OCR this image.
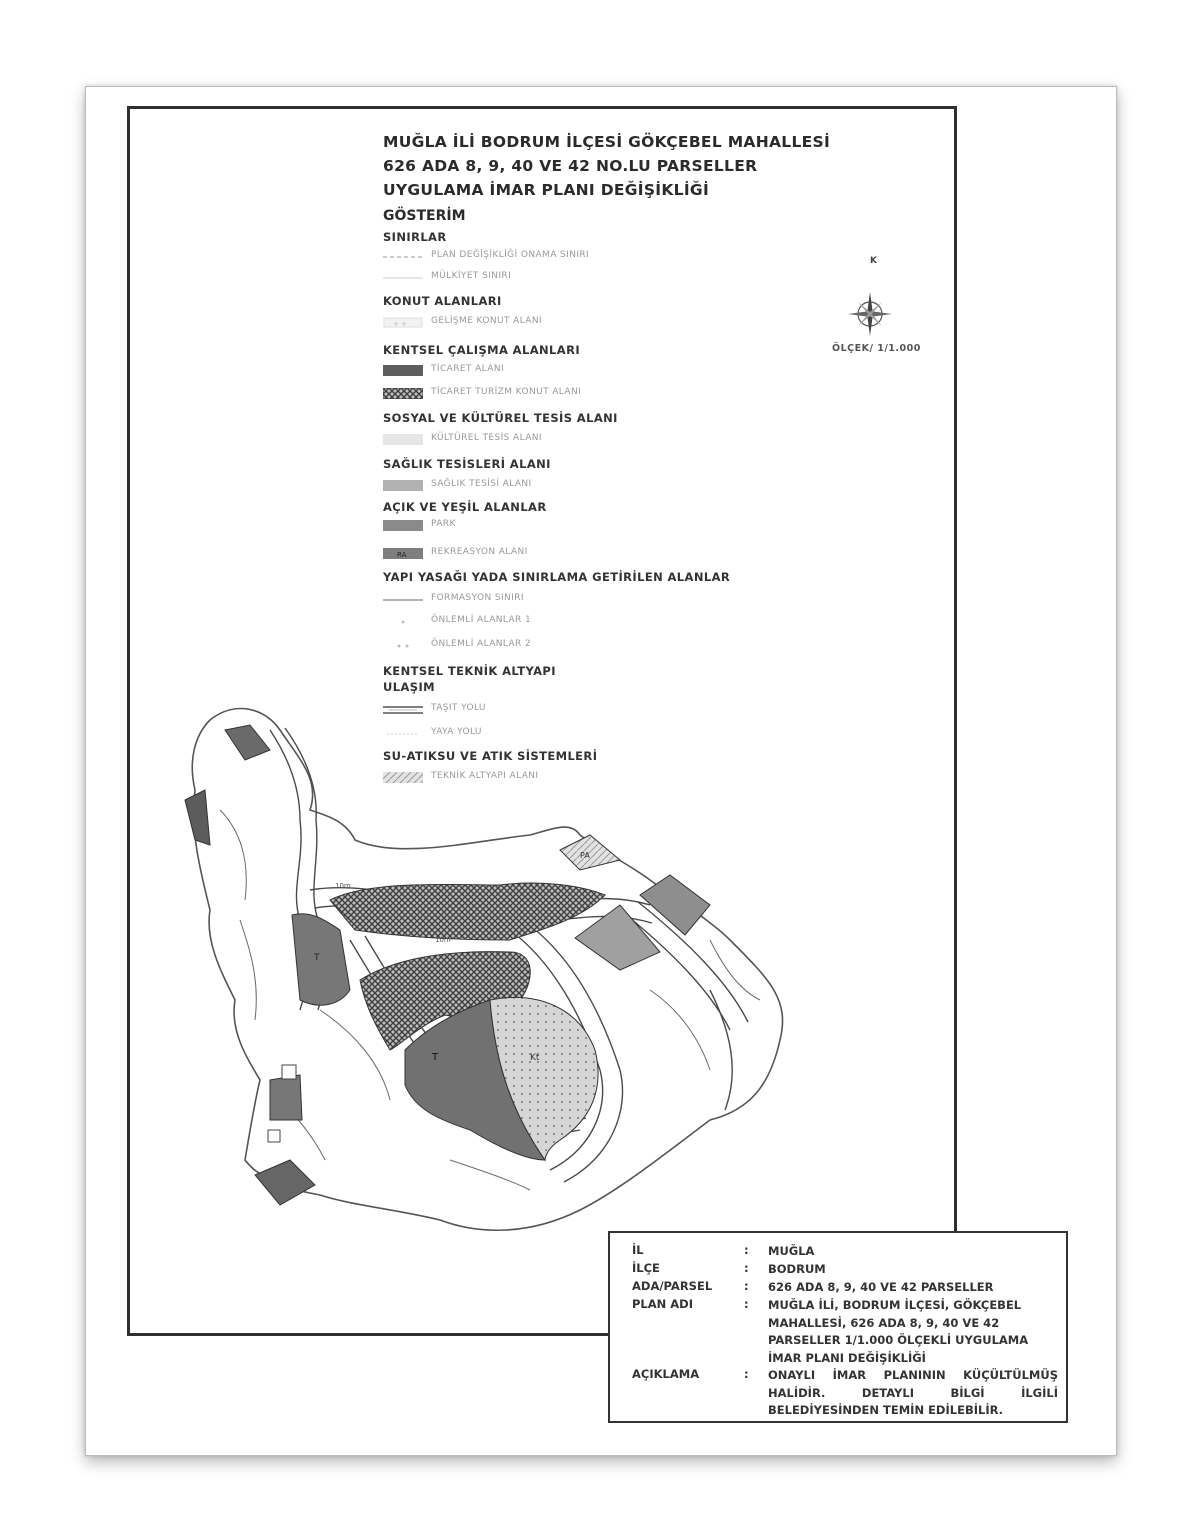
T
T
Kt
PA
10m
10m
MUĞLA İLİ BODRUM İLÇESİ GÖKÇEBEL MAHALLESİ
626 ADA 8, 9, 40 VE 42 NO.LU PARSELLER
UYGULAMA İMAR PLANI DEĞİŞİKLİĞİ
GÖSTERİM
SINIRLAR
PLAN DEĞİŞİKLİĞİ ONAMA SINIRI
MÜLKİYET SINIRI
KONUT ALANLARI
+ +	GELİŞME KONUT ALANI
KENTSEL ÇALIŞMA ALANLARI
TİCARET ALANI
TİCARET TURİZM KONUT ALANI
SOSYAL VE KÜLTÜREL TESİS ALANI
KÜLTÜREL TESİS ALANI
SAĞLIK TESİSLERİ ALANI
SAĞLIK TESİSİ ALANI
AÇIK VE YEŞİL ALANLAR
PARK
RA	REKREASYON ALANI
YAPI YASAĞI YADA SINIRLAMA GETİRİLEN ALANLAR
FORMASYON SINIRI
ÖNLEMLİ ALANLAR 1
ÖNLEMLİ ALANLAR 2
KENTSEL TEKNİK ALTYAPI
ULAŞIM
TAŞIT YOLU
YAYA YOLU
SU-ATIKSU VE ATIK SİSTEMLERİ
TEKNİK ALTYAPI ALANI
K
ÖLÇEK/ 1/1.000
İL	: MUĞLA
İLÇE	: BODRUM
ADA/PARSEL	: 626 ADA 8, 9, 40 VE 42 PARSELLER
PLAN ADI	: MUĞLA İLİ, BODRUM İLÇESİ, GÖKÇEBEL MAHALLESİ, 626 ADA 8, 9, 40 VE 42 PARSELLER 1/1.000 ÖLÇEKLİ UYGULAMA İMAR PLANI DEĞİŞİKLİĞİ
AÇIKLAMA	: ONAYLI İMAR PLANININ KÜÇÜLTÜLMÜŞ HALİDİR. DETAYLI BİLGİ İLGİLİ BELEDİYESİNDEN TEMİN EDİLEBİLİR.
